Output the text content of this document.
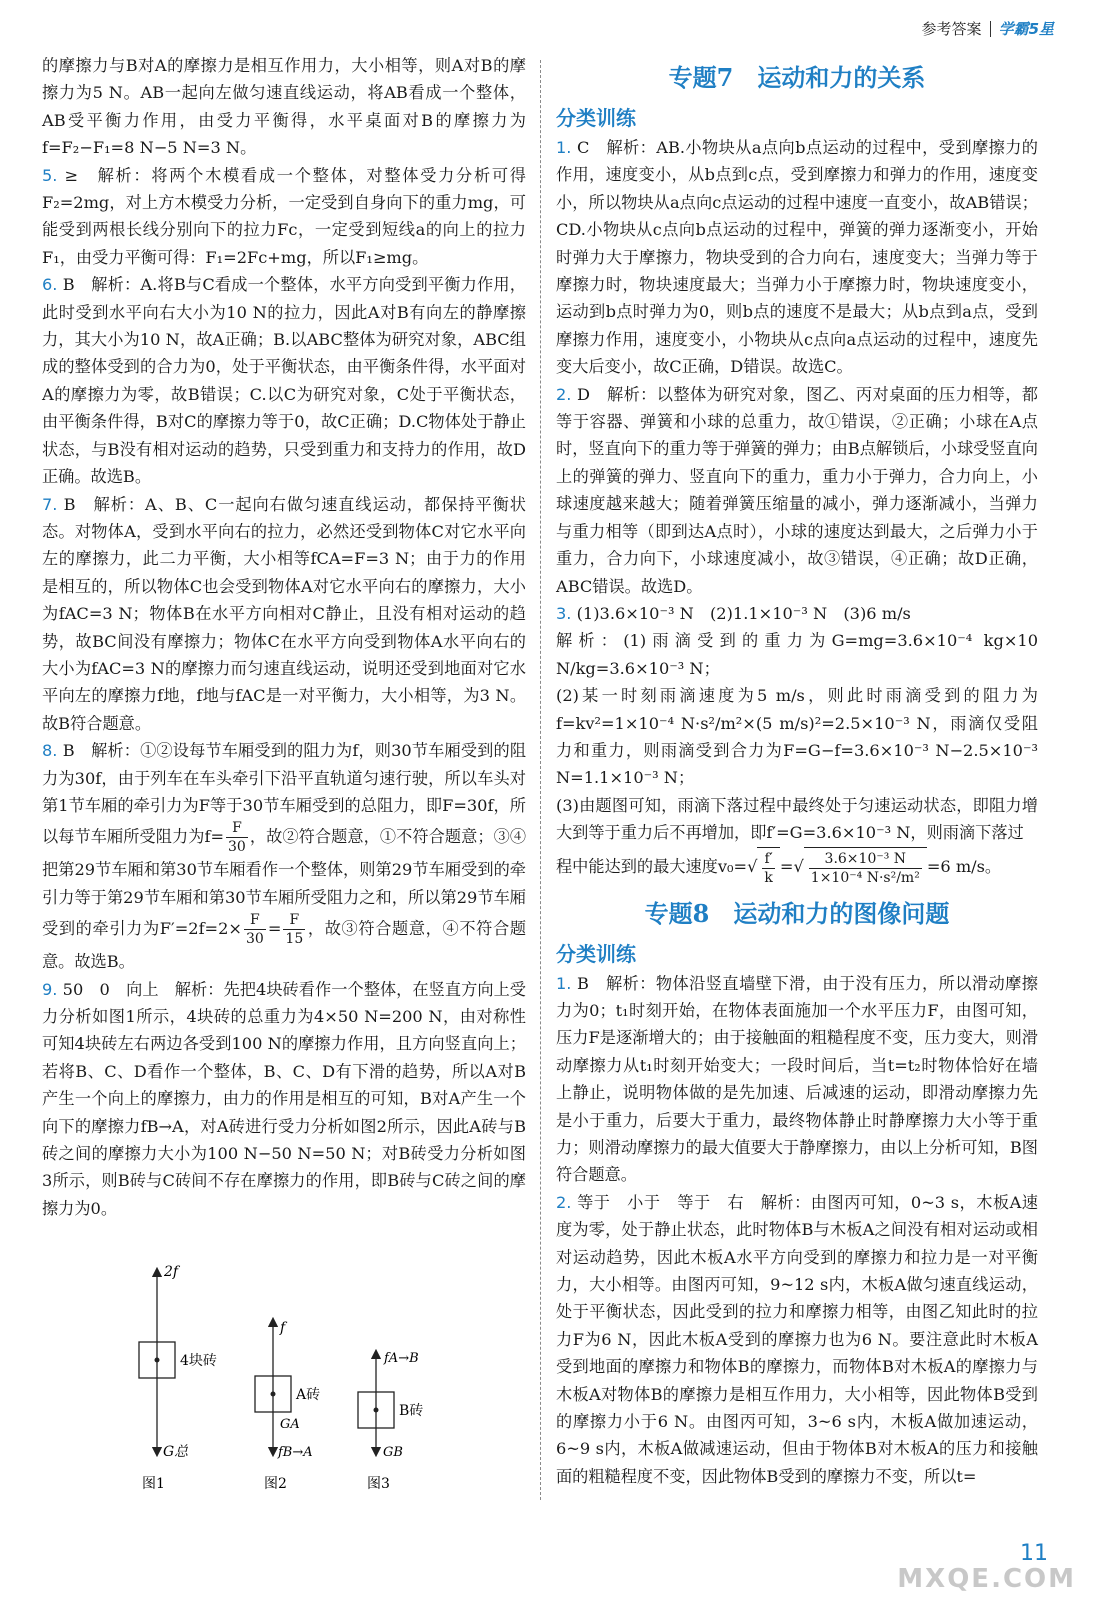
参考答案 学霸5星

的摩擦力与B对A的摩擦力是相互作用力，大小相等，则A对B的摩擦力为5 N。AB一起向左做匀速直线运动，将AB看成一个整体，AB受平衡力作用，由受力平衡得，水平桌面对B的摩擦力为f=F₂−F₁=8 N−5 N=3 N。

5. ≥　解析：将两个木模看成一个整体，对整体受力分析可得F₂=2mg，对上方木模受力分析，一定受到自身向下的重力mg，可能受到两根长线分别向下的拉力Fc，一定受到短线a的向上的拉力F₁，由受力平衡可得：F₁=2Fc+mg，所以F₁≥mg。

6. B　解析：A.将B与C看成一个整体，水平方向受到平衡力作用，此时受到水平向右大小为10 N的拉力，因此A对B有向左的静摩擦力，其大小为10 N，故A正确；B.以ABC整体为研究对象，ABC组成的整体受到的合力为0，处于平衡状态，由平衡条件得，水平面对A的摩擦力为零，故B错误；C.以C为研究对象，C处于平衡状态，由平衡条件得，B对C的摩擦力等于0，故C正确；D.C物体处于静止状态，与B没有相对运动的趋势，只受到重力和支持力的作用，故D正确。故选B。

7. B　解析：A、B、C一起向右做匀速直线运动，都保持平衡状态。对物体A，受到水平向右的拉力，必然还受到物体C对它水平向左的摩擦力，此二力平衡，大小相等fCA=F=3 N；由于力的作用是相互的，所以物体C也会受到物体A对它水平向右的摩擦力，大小为fAC=3 N；物体B在水平方向相对C静止，且没有相对运动的趋势，故BC间没有摩擦力；物体C在水平方向受到物体A水平向右的大小为fAC=3 N的摩擦力而匀速直线运动，说明还受到地面对它水平向左的摩擦力f地，f地与fAC是一对平衡力，大小相等，为3 N。故B符合题意。

8. B　解析：①②设每节车厢受到的阻力为f，则30节车厢受到的阻力为30f，由于列车在车头牵引下沿平直轨道匀速行驶，所以车头对第1节车厢的牵引力为F等于30节车厢受到的总阻力，即F=30f，所以每节车厢所受阻力为$f= \frac{F}{30}$ ，故②符合题意，①不符合题意；③④把第29节车厢和第30节车厢看作一个整体，则第29节车厢受到的牵引力等于第29节车厢和第30节车厢所受阻力之和，所以第29节车厢受到的牵引力为$F'=2f=2\times \frac{F}{30} = \frac{F}{15}$ ，故③符合题意，④不符合题意。故选B。

9. 50　0　向上　解析：先把4块砖看作一个整体，在竖直方向上受力分析如图1所示，4块砖的总重力为4×50 N=200 N，由对称性可知4块砖左右两边各受到100 N的摩擦力作用，且方向竖直向上；若将B、C、D看作一个整体，B、C、D有下滑的趋势，所以A对B产生一个向上的摩擦力，由力的作用是相互的可知，B对A产生一个向下的摩擦力fB→A，对A砖进行受力分析如图2所示，因此A砖与B砖之间的摩擦力大小为100 N−50 N=50 N；对B砖受力分析如图3所示，则B砖与C砖间不存在摩擦力的作用，即B砖与C砖之间的摩擦力为0。

2f
4块砖
G总
图1
f
A砖
GA
fB→A
图2
fA→B
B砖
GB
图3
专题7　运动和力的关系
分类训练

1. C　解析：AB.小物块从a点向b点运动的过程中，受到摩擦力的作用，速度变小，从b点到c点，受到摩擦力和弹力的作用，速度变小，所以物块从a点向c点运动的过程中速度一直变小，故AB错误；CD.小物块从c点向b点运动的过程中，弹簧的弹力逐渐变小，开始时弹力大于摩擦力，物块受到的合力向右，速度变大；当弹力等于摩擦力时，物块速度最大；当弹力小于摩擦力时，物块速度变小，运动到b点时弹力为0，则b点的速度不是最大；从b点到a点，受到摩擦力作用，速度变小，小物块从c点向a点运动的过程中，速度先变大后变小，故C正确，D错误。故选C。

2. D　解析：以整体为研究对象，图乙、丙对桌面的压力相等，都等于容器、弹簧和小球的总重力，故①错误，②正确；小球在A点时，竖直向下的重力等于弹簧的弹力；由B点解锁后，小球受竖直向上的弹簧的弹力、竖直向下的重力，重力小于弹力，合力向上，小球速度越来越大；随着弹簧压缩量的减小，弹力逐渐减小，当弹力与重力相等（即到达A点时），小球的速度达到最大，之后弹力小于重力，合力向下，小球速度减小，故③错误，④正确；故D正确，ABC错误。故选D。

3. (1)3.6×10⁻³ N　(2)1.1×10⁻³ N　(3)6 m/s

解析：(1)雨滴受到的重力为G=mg=3.6×10⁻⁴ kg×10 N/kg=3.6×10⁻³ N；

(2)某一时刻雨滴速度为5 m/s，则此时雨滴受到的阻力为f=kv²=1×10⁻⁴ N·s²/m²×(5 m/s)²=2.5×10⁻³ N，雨滴仅受阻力和重力，则雨滴受到合力为F=G−f=3.6×10⁻³ N−2.5×10⁻³ N=1.1×10⁻³ N；

(3)由题图可知，雨滴下落过程中最终处于匀速运动状态，即阻力增大到等于重力后不再增加，即f′=G=3.6×10⁻³ N，则雨滴下落过

程中能达到的最大速度$v_0=√ \frac{f'}{k}$ =√ $\frac{\text{3.6×10⁻³ N}}{\text{1×10⁻⁴ N·s²/m²}} =6$ m/s。

专题8　运动和力的图像问题
分类训练

1. B　解析：物体沿竖直墙壁下滑，由于没有压力，所以滑动摩擦力为0；t₁时刻开始，在物体表面施加一个水平压力F，由图可知，压力F是逐渐增大的；由于接触面的粗糙程度不变，压力变大，则滑动摩擦力从t₁时刻开始变大；一段时间后，当t=t₂时物体恰好在墙上静止，说明物体做的是先加速、后减速的运动，即滑动摩擦力先是小于重力，后要大于重力，最终物体静止时静摩擦力大小等于重力；则滑动摩擦力的最大值要大于静摩擦力，由以上分析可知，B图符合题意。

2. 等于　小于　等于　右　解析：由图丙可知，0~3 s，木板A速度为零，处于静止状态，此时物体B与木板A之间没有相对运动或相对运动趋势，因此木板A水平方向受到的摩擦力和拉力是一对平衡力，大小相等。由图丙可知，9~12 s内，木板A做匀速直线运动，处于平衡状态，因此受到的拉力和摩擦力相等，由图乙知此时的拉力F为6 N，因此木板A受到的摩擦力也为6 N。要注意此时木板A受到地面的摩擦力和物体B的摩擦力，而物体B对木板A的摩擦力与木板A对物体B的摩擦力是相互作用力，大小相等，因此物体B受到的摩擦力小于6 N。由图丙可知，3~6 s内，木板A做加速运动，6~9 s内，木板A做减速运动，但由于物体B对木板A的压力和接触面的粗糙程度不变，因此物体B受到的摩擦力不变，所以t=

11
MXQE.COM
